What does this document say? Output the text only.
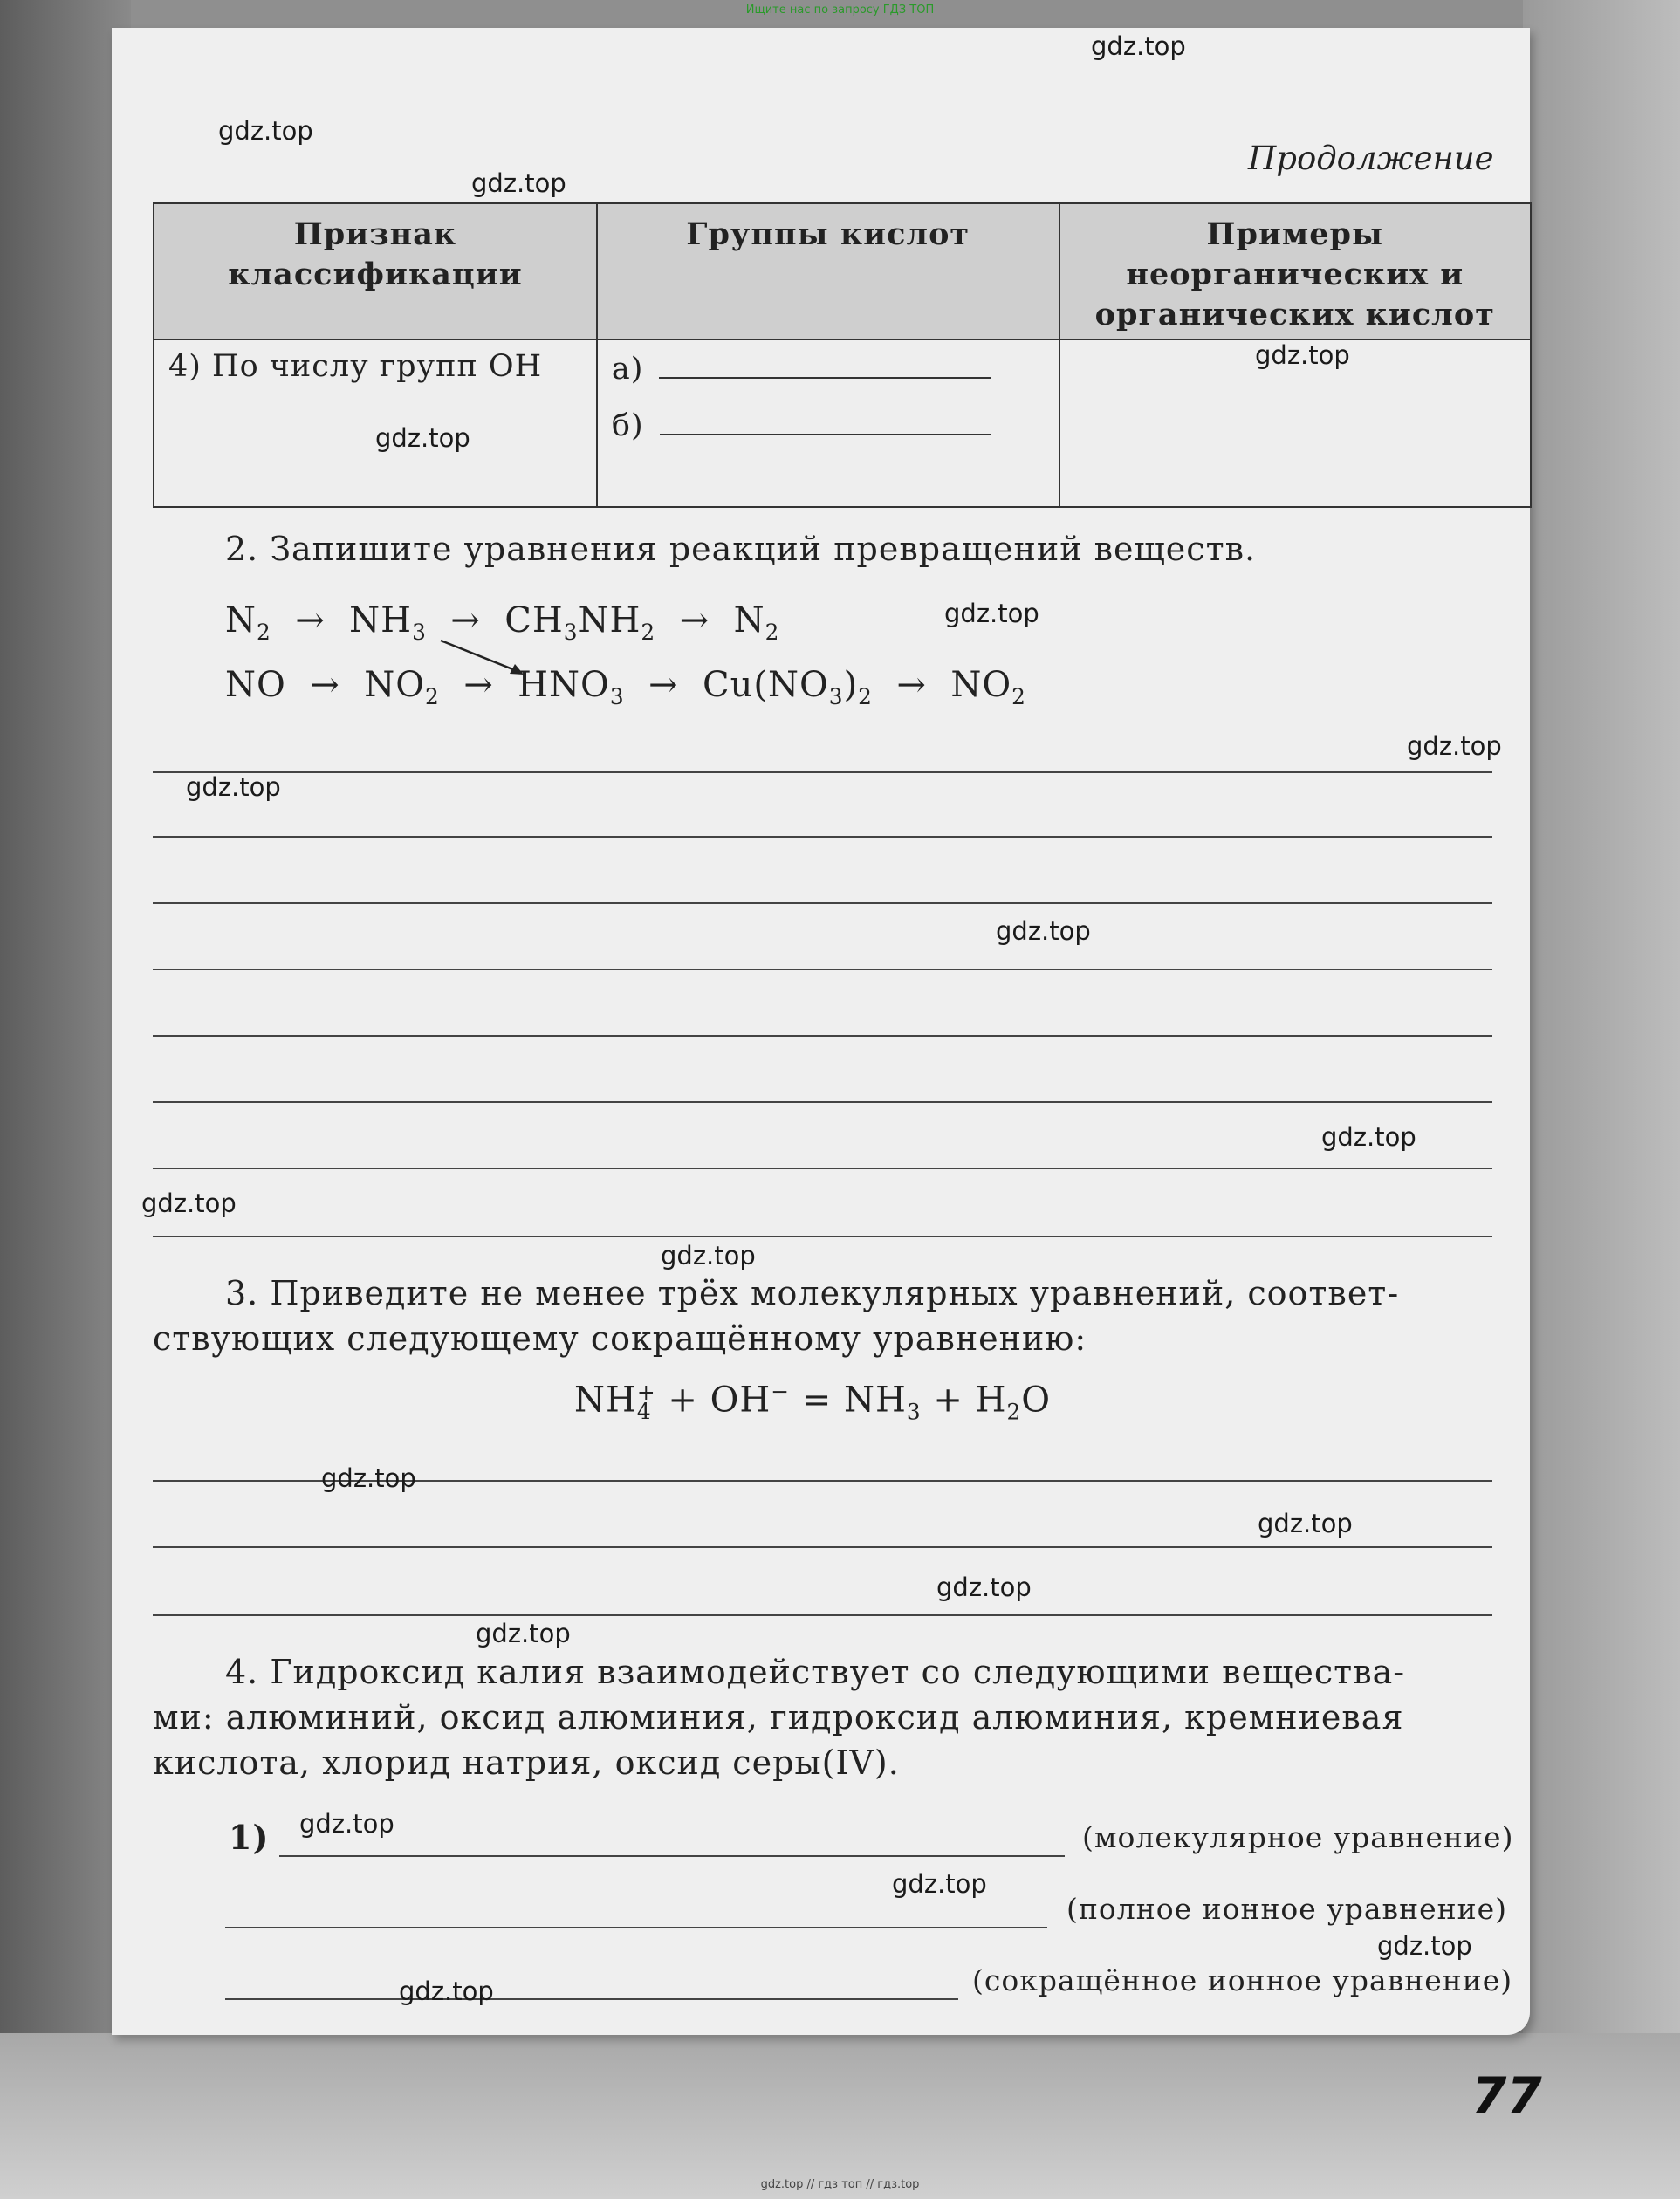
Ищите нас по запросу ГДЗ ТОП
Продолжение
Признак классификации	Группы кислот	Примеры неорганических и органических кислот
4) По числу групп OH	а)
б)	

2. Запишите уравнения реакций превращений веществ.
$N_2 \to NH_3 \to CH_3NH_2 \to N_2$
NO  →  $NO_2 \to HNO_3 \to Cu(NO_3)_2 \to NO_2$
3. Приведите не менее трёх молекулярных уравнений, соответ-
ствующих следующему сокращённому уравнению:
NH +
$4 + OH^- = NH_3 + H_2O$
4. Гидроксид калия взаимодействует со следующими вещества-
ми: алюминий, оксид алюминия, гидроксид алюминия, кремниевая
кислота, хлорид натрия, оксид серы(IV).
1)	(молекулярное уравнение)
(полное ионное уравнение)
(сокращённое ионное уравнение)
77
gdz.top
gdz.top
gdz.top
gdz.top
gdz.top
gdz.top
gdz.top
gdz.top
gdz.top
gdz.top
gdz.top
gdz.top
gdz.top
gdz.top
gdz.top
gdz.top
gdz.top
gdz.top
gdz.top
gdz.top
gdz.top // гдз топ // гдз.top
